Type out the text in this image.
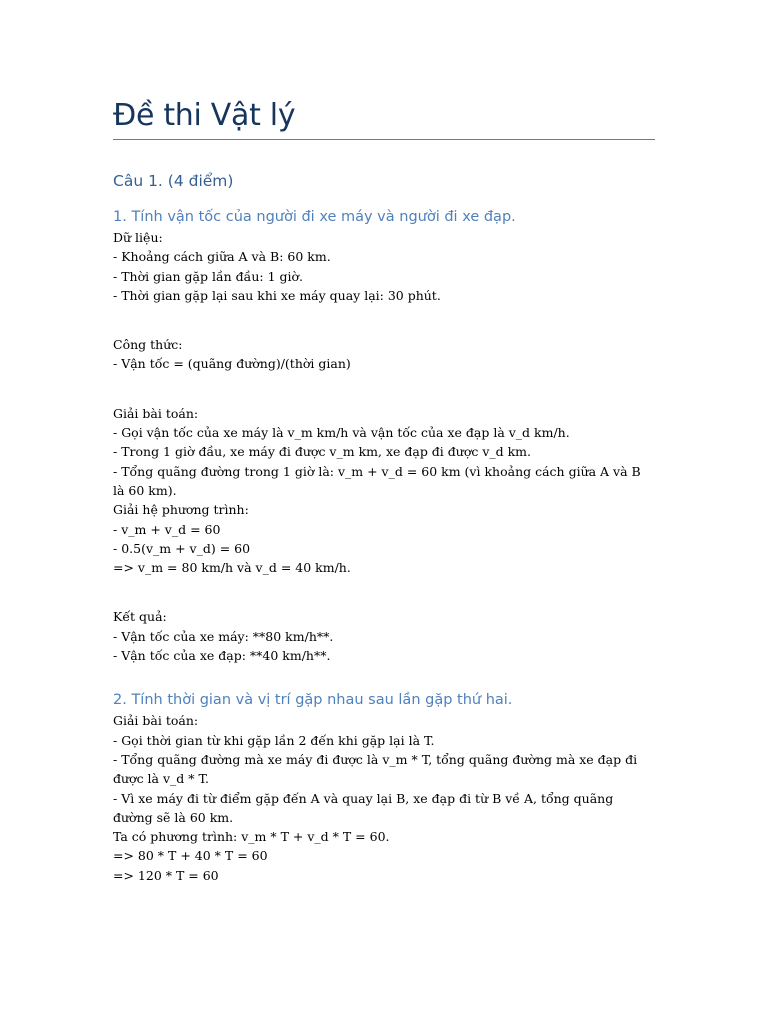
Đề thi Vật lý
Câu 1. (4 điểm)
1. Tính vận tốc của người đi xe máy và người đi xe đạp.

Dữ liệu:

- Khoảng cách giữa A và B: 60 km.

- Thời gian gặp lần đầu: 1 giờ.

- Thời gian gặp lại sau khi xe máy quay lại: 30 phút.

Công thức:

- Vận tốc = (quãng đường)/(thời gian)

Giải bài toán:

- Gọi vận tốc của xe máy là v_m km/h và vận tốc của xe đạp là v_d km/h.

- Trong 1 giờ đầu, xe máy đi được v_m km, xe đạp đi được v_d km.

- Tổng quãng đường trong 1 giờ là: v_m + v_d = 60 km (vì khoảng cách giữa A và B là 60 km).

Giải hệ phương trình:

- v_m + v_d = 60

- 0.5(v_m + v_d) = 60

=> v_m = 80 km/h và v_d = 40 km/h.

Kết quả:

- Vận tốc của xe máy: **80 km/h**.

- Vận tốc của xe đạp: **40 km/h**.

2. Tính thời gian và vị trí gặp nhau sau lần gặp thứ hai.

Giải bài toán:

- Gọi thời gian từ khi gặp lần 2 đến khi gặp lại là T.

- Tổng quãng đường mà xe máy đi được là v_m * T, tổng quãng đường mà xe đạp đi được là v_d * T.

- Vì xe máy đi từ điểm gặp đến A và quay lại B, xe đạp đi từ B về A, tổng quãng đường sẽ là 60 km.

Ta có phương trình: v_m * T + v_d * T = 60.

=> 80 * T + 40 * T = 60

=> 120 * T = 60
